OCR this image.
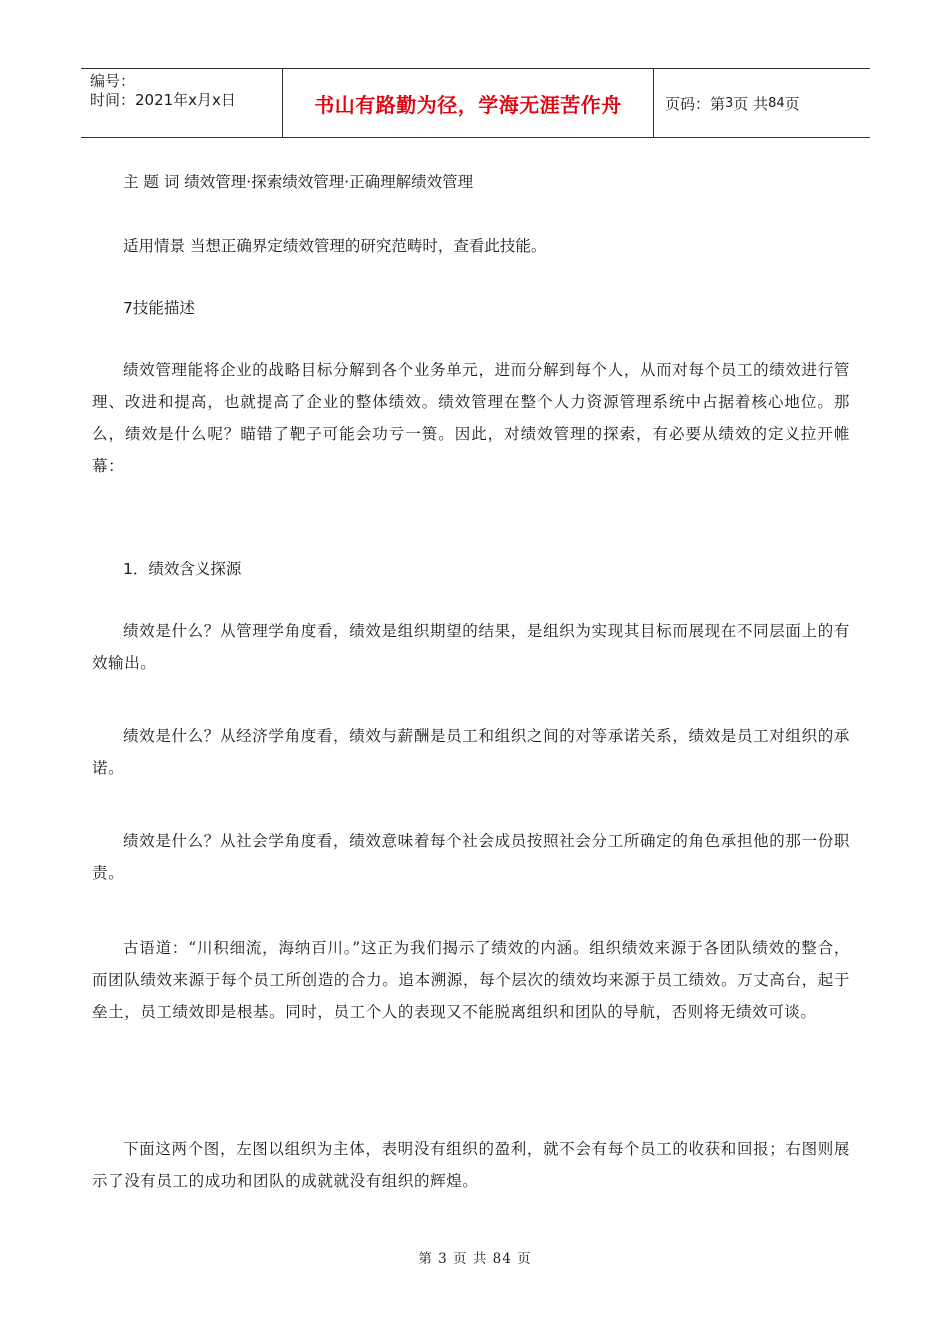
编号：
时间：2021年x月x日	书山有路勤为径，学海无涯苦作舟	页码：第 3 页 共 84 页
主 题 词 绩效管理·探索绩效管理·正确理解绩效管理
适用情景 当想正确界定绩效管理的研究范畴时，查看此技能。
7技能描述
绩效管理能将企业的战略目标分解到各个业务单元，进而分解到每个人，从而对每个员工的绩效进行管理、改进和提高，也就提高了企业的整体绩效。绩效管理在整个人力资源管理系统中占据着核心地位。那么，绩效是什么呢？瞄错了靶子可能会功亏一篑。因此，对绩效管理的探索，有必要从绩效的定义拉开帷幕：
1．绩效含义探源
绩效是什么？从管理学角度看，绩效是组织期望的结果，是组织为实现其目标而展现在不同层面上的有效输出。
绩效是什么？从经济学角度看，绩效与薪酬是员工和组织之间的对等承诺关系，绩效是员工对组织的承诺。
绩效是什么？从社会学角度看，绩效意味着每个社会成员按照社会分工所确定的角色承担他的那一份职责。
古语道：“川积细流，海纳百川。”这正为我们揭示了绩效的内涵。组织绩效来源于各团队绩效的整合，而团队绩效来源于每个员工所创造的合力。追本溯源，每个层次的绩效均来源于员工绩效。万丈高台，起于垒土，员工绩效即是根基。同时，员工个人的表现又不能脱离组织和团队的导航，否则将无绩效可谈。
下面这两个图，左图以组织为主体，表明没有组织的盈利，就不会有每个员工的收获和回报；右图则展示了没有员工的成功和团队的成就就没有组织的辉煌。
第 3 页 共 84 页
